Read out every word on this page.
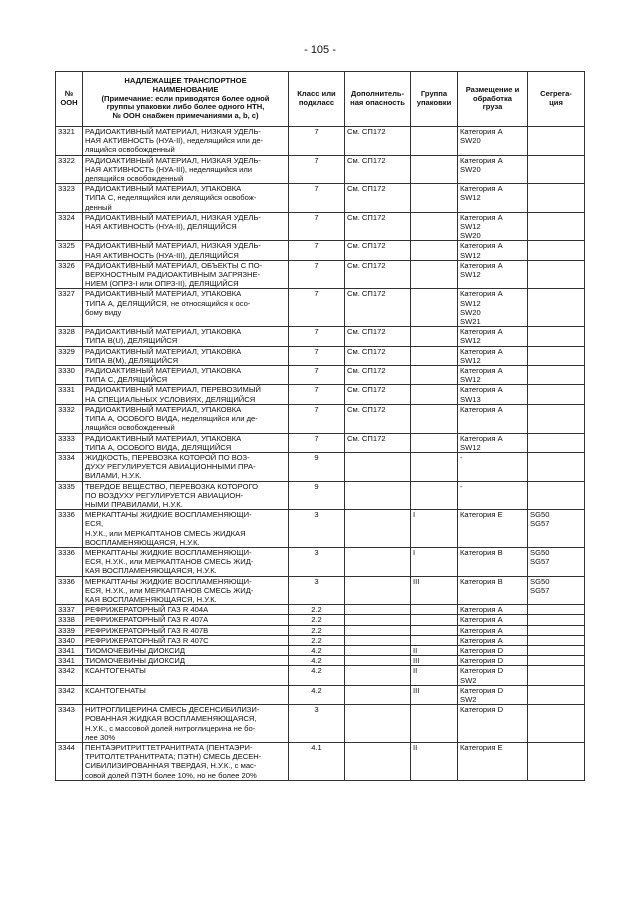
- 105 -
№
ООН	НАДЛЕЖАЩЕЕ ТРАНСПОРТНОЕ
НАИМЕНОВАНИЕ
(Примечание: если приводятся более одной
группы упаковки либо более одного НТН,
№ ООН снабжен примечаниями a, b, c)	Класс или
подкласс	Дополнитель-
ная опасность	Группа
упаковки	Размещение и
обработка
груза	Сегрега-
ция

3321	РАДИОАКТИВНЫЙ МАТЕРИАЛ, НИЗКАЯ УДЕЛЬ-
НАЯ АКТИВНОСТЬ (НУА-II), неделящийся или де-
лящийся освобожденный	7	См. СП172		Категория A
SW20	

3322	РАДИОАКТИВНЫЙ МАТЕРИАЛ, НИЗКАЯ УДЕЛЬ-
НАЯ АКТИВНОСТЬ (НУА-III), неделящийся или
делящийся освобожденный	7	См. СП172		Категория A
SW20	

3323	РАДИОАКТИВНЫЙ МАТЕРИАЛ, УПАКОВКА
ТИПА C, неделящийся или делящийся освобож-
денный	7	См. СП172		Категория A
SW12	

3324	РАДИОАКТИВНЫЙ МАТЕРИАЛ, НИЗКАЯ УДЕЛЬ-
НАЯ АКТИВНОСТЬ (НУА-II), ДЕЛЯЩИЙСЯ	7	См. СП172		Категория A
SW12
SW20	

3325	РАДИОАКТИВНЫЙ МАТЕРИАЛ, НИЗКАЯ УДЕЛЬ-
НАЯ АКТИВНОСТЬ (НУА-III), ДЕЛЯЩИЙСЯ	7	См. СП172		Категория A
SW12	

3326	РАДИОАКТИВНЫЙ МАТЕРИАЛ, ОБЪЕКТЫ С ПО-
ВЕРХНОСТНЫМ РАДИОАКТИВНЫМ ЗАГРЯЗНЕ-
НИЕМ (ОПРЗ-I или ОПРЗ-II), ДЕЛЯЩИЙСЯ	7	См. СП172		Категория A
SW12	

3327	РАДИОАКТИВНЫЙ МАТЕРИАЛ, УПАКОВКА
ТИПА A, ДЕЛЯЩИЙСЯ, не относящийся к осо-
бому виду	7	См. СП172		Категория A
SW12
SW20
SW21	

3328	РАДИОАКТИВНЫЙ МАТЕРИАЛ, УПАКОВКА
ТИПА B(U), ДЕЛЯЩИЙСЯ	7	См. СП172		Категория A
SW12	

3329	РАДИОАКТИВНЫЙ МАТЕРИАЛ, УПАКОВКА
ТИПА B(M), ДЕЛЯЩИЙСЯ	7	См. СП172		Категория A
SW12	

3330	РАДИОАКТИВНЫЙ МАТЕРИАЛ, УПАКОВКА
ТИПА C, ДЕЛЯЩИЙСЯ	7	См. СП172		Категория A
SW12	

3331	РАДИОАКТИВНЫЙ МАТЕРИАЛ, ПЕРЕВОЗИМЫЙ
НА СПЕЦИАЛЬНЫХ УСЛОВИЯХ, ДЕЛЯЩИЙСЯ	7	См. СП172		Категория A
SW13	

3332	РАДИОАКТИВНЫЙ МАТЕРИАЛ, УПАКОВКА
ТИПА A, ОСОБОГО ВИДА, неделящийся или де-
лящийся освобожденный	7	См. СП172		Категория A	

3333	РАДИОАКТИВНЫЙ МАТЕРИАЛ, УПАКОВКА
ТИПА A, ОСОБОГО ВИДА, ДЕЛЯЩИЙСЯ	7	См. СП172		Категория A
SW12	

3334	ЖИДКОСТЬ, ПЕРЕВОЗКА КОТОРОЙ ПО ВОЗ-
ДУХУ РЕГУЛИРУЕТСЯ АВИАЦИОННЫМИ ПРА-
ВИЛАМИ, Н.У.К.	9			-	

3335	ТВЕРДОЕ ВЕЩЕСТВО, ПЕРЕВОЗКА КОТОРОГО
ПО ВОЗДУХУ РЕГУЛИРУЕТСЯ АВИАЦИОН-
НЫМИ ПРАВИЛАМИ, Н.У.К.	9			-	

3336	МЕРКАПТАНЫ ЖИДКИЕ ВОСПЛАМЕНЯЮЩИ-
ЕСЯ,
Н.У.К., или МЕРКАПТАНОВ СМЕСЬ ЖИДКАЯ
ВОСПЛАМЕНЯЮЩАЯСЯ, Н.У.К.	3		I	Категория E	SG50
SG57

3336	МЕРКАПТАНЫ ЖИДКИЕ ВОСПЛАМЕНЯЮЩИ-
ЕСЯ, Н.У.К., или МЕРКАПТАНОВ СМЕСЬ ЖИД-
КАЯ ВОСПЛАМЕНЯЮЩАЯСЯ, Н.У.К.	3		I	Категория B	SG50
SG57

3336	МЕРКАПТАНЫ ЖИДКИЕ ВОСПЛАМЕНЯЮЩИ-
ЕСЯ, Н.У.К., или МЕРКАПТАНОВ СМЕСЬ ЖИД-
КАЯ ВОСПЛАМЕНЯЮЩАЯСЯ, Н.У.К.	3		III	Категория B	SG50
SG57

3337	РЕФРИЖЕРАТОРНЫЙ ГАЗ R 404A	2.2			Категория A	

3338	РЕФРИЖЕРАТОРНЫЙ ГАЗ R 407A	2.2			Категория A	

3339	РЕФРИЖЕРАТОРНЫЙ ГАЗ R 407B	2.2			Категория A	

3340	РЕФРИЖЕРАТОРНЫЙ ГАЗ R 407C	2.2			Категория A	

3341	ТИОМОЧЕВИНЫ ДИОКСИД	4.2		II	Категория D	

3341	ТИОМОЧЕВИНЫ ДИОКСИД	4.2		III	Категория D	

3342	КСАНТОГЕНАТЫ	4.2		II	Категория D
SW2	

3342	КСАНТОГЕНАТЫ	4.2		III	Категория D
SW2	

3343	НИТРОГЛИЦЕРИНА СМЕСЬ ДЕСЕНСИБИЛИЗИ-
РОВАННАЯ ЖИДКАЯ ВОСПЛАМЕНЯЮЩАЯСЯ,
Н.У.К., с массовой долей нитроглицерина не бо-
лее 30%	3			Категория D	

3344	ПЕНТАЭРИТРИТТЕТРАНИТРАТА (ПЕНТАЭРИ-
ТРИТОЛТЕТРАНИТРАТА; ПЭТН) СМЕСЬ ДЕСЕН-
СИБИЛИЗИРОВАННАЯ ТВЕРДАЯ, Н.У.К., с мас-
совой долей ПЭТН более 10%, но не более 20%	4.1		II	Категория E	
